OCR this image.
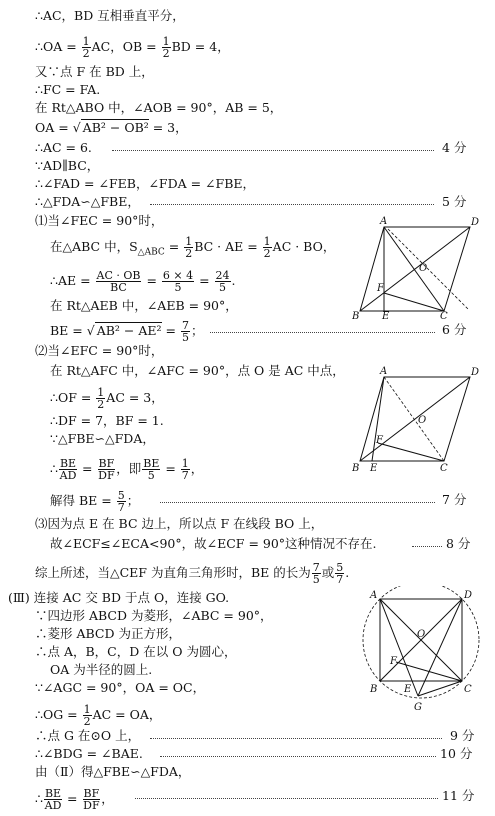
∴AC，BD 互相垂直平分，
∴OA = $\frac{1}{2}$ AC，OB = $\frac{1}{2}$ BD = 4，
又∵点 F 在 BD 上，
∴FC = FA.
在 Rt△ABO 中，∠AOB = 90°，AB = 5，
OA = √ AB² − OB² = 3，
∴AC = 6.	4 分
∵AD∥BC，
∴∠FAD = ∠FEB，∠FDA = ∠FBE，
∴△FDA∽△FBE，	5 分
⑴当∠FEC = 90°时，
在△ABC 中，$S_{\triangle ABC} = \frac{1}{2}$ BC · AE = $\frac{1}{2}$ AC · BO，
∴AE = $\frac{AC \cdot OB}{BC} = \frac{6 \times 4}{5} = \frac{24}{5}$ .
在 Rt△AEB 中，∠AEB = 90°，
BE = √ $AB^2 - AE^2 = \frac{7}{5}$ ；	6 分
A	D
B E	C
F
O
⑵当∠EFC = 90°时，
在 Rt△AFC 中，∠AFC = 90°，点 O 是 AC 中点，
∴OF = $\frac{1}{2}$ AC = 3，
∴DF = 7，BF = 1.
∵△FBE∽△FDA，
∴ $\frac{BE}{AD} = \frac{BF}{DF}$ ，即 $\frac{BE}{5} = \frac{1}{7}$ ，
解得 BE = $\frac{5}{7}$ ；	7 分
A	D
B E	C
F
O
⑶因为点 E 在 BC 边上，所以点 F 在线段 BO 上，
故∠ECF≤∠ECA<90°，故∠ECF = 90°这种情况不存在.	8 分
综上所述，当△CEF 为直角三角形时，BE 的长为 $\frac{7}{5}$ 或 $\frac{5}{7}$ .
(Ⅲ) 连接 AC 交 BD 于点 O，连接 GO.
∵四边形 ABCD 为菱形，∠ABC = 90°，
∴菱形 ABCD 为正方形，
∴点 A，B，C，D 在以 O 为圆心，
OA 为半径的圆上.
∵∠AGC = 90°，OA = OC，
∴OG = $\frac{1}{2}$ AC = OA，
∴点 G 在⊙O 上，	9 分
∴∠BDG = ∠BAE.	10 分
由（Ⅱ）得△FBE∽△FDA，
∴ $\frac{BE}{AD} = \frac{BF}{DF}$ ，	11 分
A	D
B	C
E
F
O
G
